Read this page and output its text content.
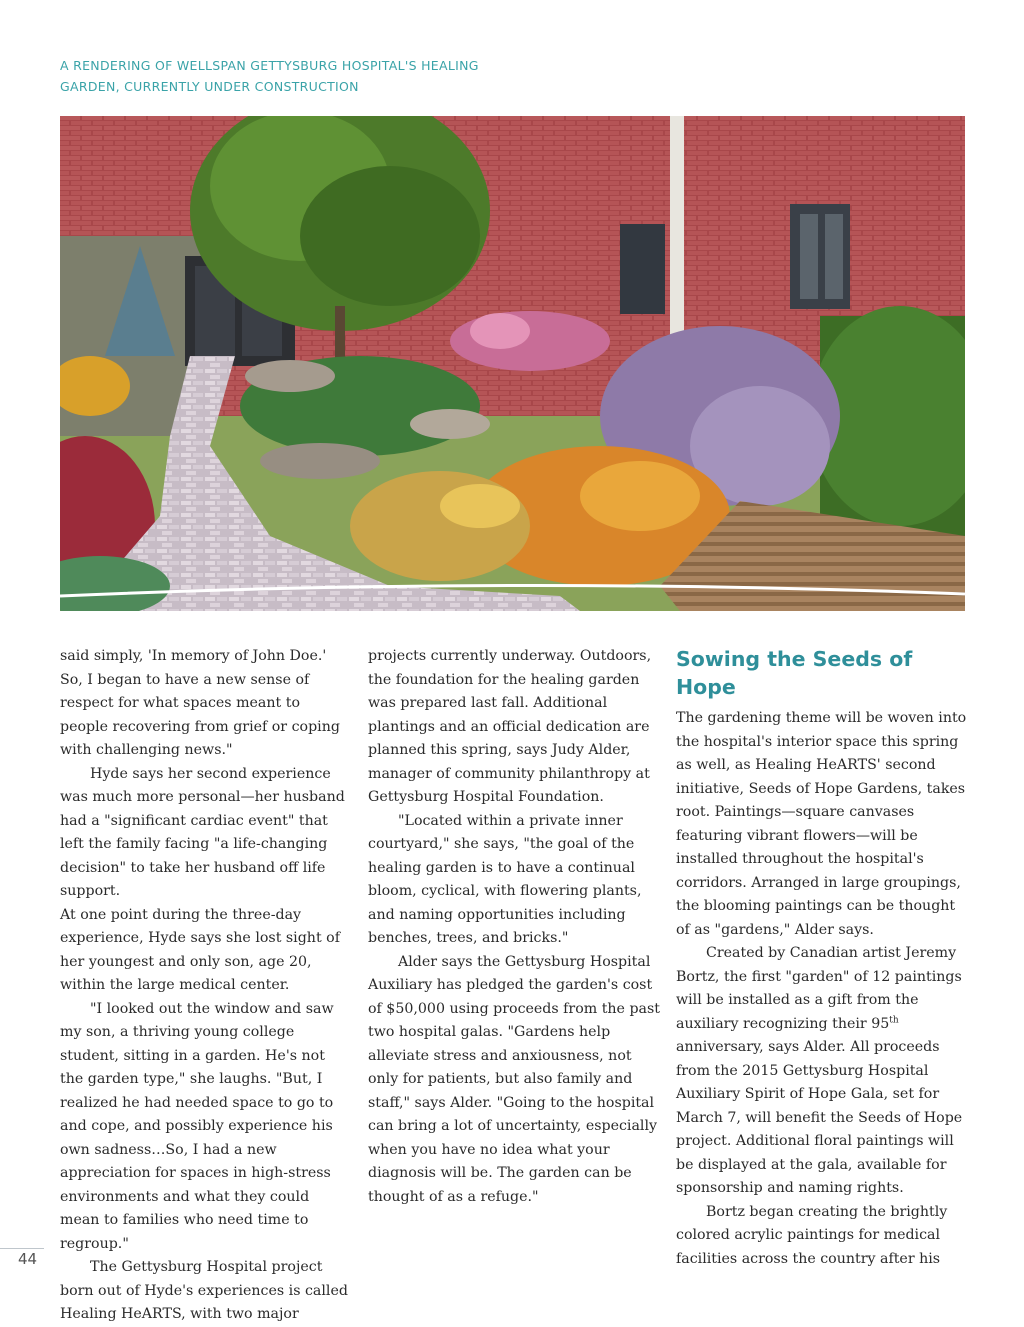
A RENDERING OF WELLSPAN GETTYSBURG HOSPITAL'S HEALING
GARDEN, CURRENTLY UNDER CONSTRUCTION

said simply, 'In memory of John Doe.' So, I began to have a new sense of respect for what spaces meant to people recovering from grief or coping with challenging news."

Hyde says her second experience was much more personal—her husband had a "significant cardiac event" that left the family facing "a life-changing decision" to take her husband off life support.

At one point during the three-day experience, Hyde says she lost sight of her youngest and only son, age 20, within the large medical center.

"I looked out the window and saw my son, a thriving young college student, sitting in a garden. He's not the garden type," she laughs. "But, I realized he had needed space to go to and cope, and possibly experience his own sadness…So, I had a new appreciation for spaces in high-stress environments and what they could mean to families who need time to regroup."

The Gettysburg Hospital project born out of Hyde's experiences is called Healing HeARTS, with two major

projects currently underway. Outdoors, the foundation for the healing garden was prepared last fall. Additional plantings and an official dedication are planned this spring, says Judy Alder, manager of community philanthropy at Gettysburg Hospital Foundation.

"Located within a private inner courtyard," she says, "the goal of the healing garden is to have a continual bloom, cyclical, with flowering plants, and naming opportunities including benches, trees, and bricks."

Alder says the Gettysburg Hospital Auxiliary has pledged the garden's cost of $50,000 using proceeds from the past two hospital galas. "Gardens help alleviate stress and anxiousness, not only for patients, but also family and staff," says Alder. "Going to the hospital can bring a lot of uncertainty, especially when you have no idea what your diagnosis will be. The garden can be thought of as a refuge."

Sowing the Seeds of Hope

The gardening theme will be woven into the hospital's interior space this spring as well, as Healing HeARTS' second initiative, Seeds of Hope Gardens, takes root. Paintings—square canvases featuring vibrant flowers—will be installed throughout the hospital's corridors. Arranged in large groupings, the blooming paintings can be thought of as "gardens," Alder says.

Created by Canadian artist Jeremy Bortz, the first "garden" of 12 paintings will be installed as a gift from the auxiliary recognizing their 95th anniversary, says Alder. All proceeds from the 2015 Gettysburg Hospital Auxiliary Spirit of Hope Gala, set for March 7, will benefit the Seeds of Hope project. Additional floral paintings will be displayed at the gala, available for sponsorship and naming rights.

Bortz began creating the brightly colored acrylic paintings for medical facilities across the country after his

44
